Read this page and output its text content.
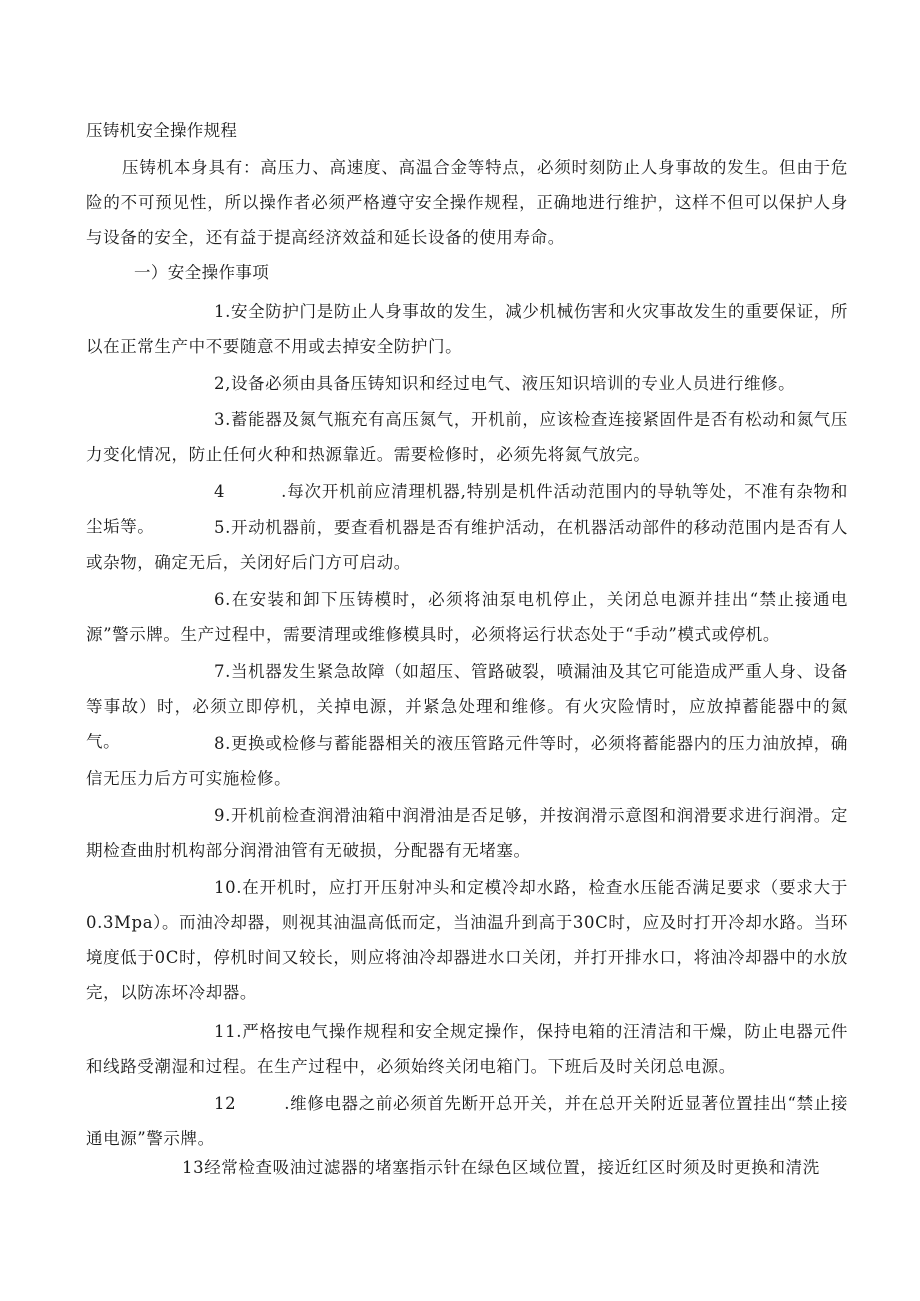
压铸机安全操作规程

压铸机本身具有：高压力、高速度、高温合金等特点，必须时刻防止人身事故的发生。但由于危险的不可预见性，所以操作者必须严格遵守安全操作规程，正确地进行维护，这样不但可以保护人身与设备的安全，还有益于提高经济效益和延长设备的使用寿命。

一）安全操作事项

1.安全防护门是防止人身事故的发生，减少机械伤害和火灾事故发生的重要保证，所以在正常生产中不要随意不用或去掉安全防护门。

2,设备必须由具备压铸知识和经过电气、液压知识培训的专业人员进行维修。

3.蓄能器及氮气瓶充有高压氮气，开机前，应该检查连接紧固件是否有松动和氮气压力变化情况，防止任何火种和热源靠近。需要检修时，必须先将氮气放完。

4	.每次开机前应清理机器,特别是机件活动范围内的导轨等处，不准有杂物和尘垢等。	5.开动机器前，要查看机器是否有维护活动，在机器活动部件的移动范围内是否有人或杂物，确定无后，关闭好后门方可启动。

6.在安装和卸下压铸模时，必须将油泵电机停止，关闭总电源并挂出“禁止接通电源”警示牌。生产过程中，需要清理或维修模具时，必须将运行状态处于“手动”模式或停机。

7.当机器发生紧急故障（如超压、管路破裂，喷漏油及其它可能造成严重人身、设备等事故）时，必须立即停机，关掉电源，并紧急处理和维修。有火灾险情时，应放掉蓄能器中的氮气。	8.更换或检修与蓄能器相关的液压管路元件等时，必须将蓄能器内的压力油放掉，确信无压力后方可实施检修。

9.开机前检查润滑油箱中润滑油是否足够，并按润滑示意图和润滑要求进行润滑。定期检查曲肘机构部分润滑油管有无破损，分配器有无堵塞。

10.在开机时，应打开压射冲头和定模冷却水路，检查水压能否满足要求（要求大于0.3Mpa）。而油冷却器，则视其油温高低而定，当油温升到高于30C时，应及时打开冷却水路。当环境度低于0C时，停机时间又较长，则应将油冷却器进水口关闭，并打开排水口，将油冷却器中的水放完，以防冻坏冷却器。

11.严格按电气操作规程和安全规定操作，保持电箱的汪清洁和干燥，防止电器元件和线路受潮湿和过程。在生产过程中，必须始终关闭电箱门。下班后及时关闭总电源。

12	.维修电器之前必须首先断开总开关，并在总开关附近显著位置挂出“禁止接通电源”警示牌。

13经常检查吸油过滤器的堵塞指示针在绿色区域位置，接近红区时须及时更换和清洗
